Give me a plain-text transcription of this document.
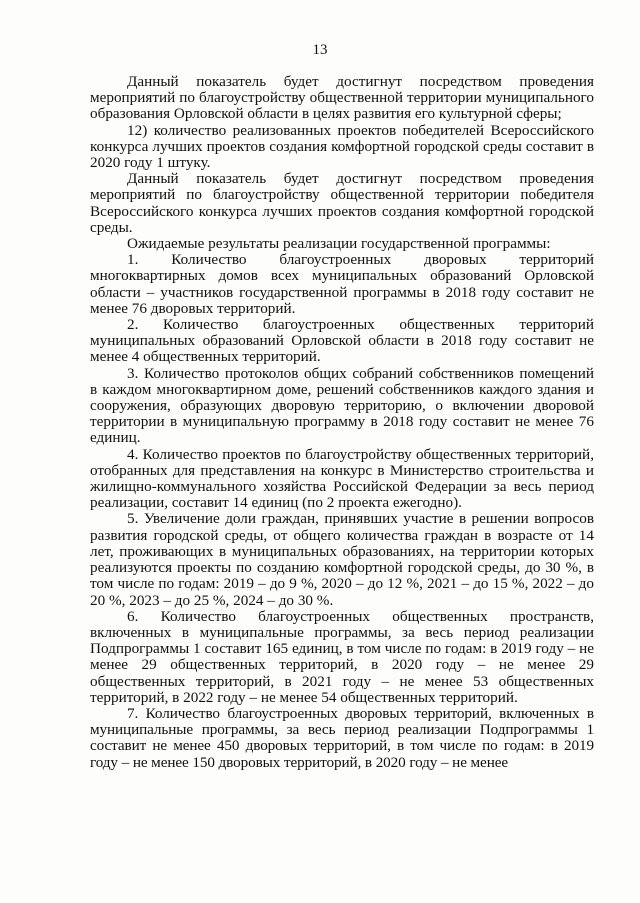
13

Данный показатель будет достигнут посредством проведения мероприятий по благоустройству общественной территории муниципального образования Орловской области в целях развития его культурной сферы;

12) количество реализованных проектов победителей Всероссийского конкурса лучших проектов создания комфортной городской среды составит в 2020 году 1 штуку.

Данный показатель будет достигнут посредством проведения мероприятий по благоустройству общественной территории победителя Всероссийского конкурса лучших проектов создания комфортной городской среды.

Ожидаемые результаты реализации государственной программы:

1. Количество благоустроенных дворовых территорий многоквартирных домов всех муниципальных образований Орловской области – участников государственной программы в 2018 году составит не менее 76 дворовых территорий.

2. Количество благоустроенных общественных территорий муниципальных образований Орловской области в 2018 году составит не менее 4 общественных территорий.

3. Количество протоколов общих собраний собственников помещений в каждом многоквартирном доме, решений собственников каждого здания и сооружения, образующих дворовую территорию, о включении дворовой территории в муниципальную программу в 2018 году составит не менее 76 единиц.

4. Количество проектов по благоустройству общественных территорий, отобранных для представления на конкурс в Министерство строительства и жилищно-коммунального хозяйства Российской Федерации за весь период реализации, составит 14 единиц (по 2 проекта ежегодно).

5. Увеличение доли граждан, принявших участие в решении вопросов развития городской среды, от общего количества граждан в возрасте от 14 лет, проживающих в муниципальных образованиях, на территории которых реализуются проекты по созданию комфортной городской среды, до 30 %, в том числе по годам: 2019 – до 9 %, 2020 – до 12 %, 2021 – до 15 %, 2022 – до 20 %, 2023 – до 25 %, 2024 – до 30 %.

6. Количество благоустроенных общественных пространств, включенных в муниципальные программы, за весь период реализации Подпрограммы 1 составит 165 единиц, в том числе по годам: в 2019 году – не менее 29 общественных территорий, в 2020 году – не менее 29 общественных территорий, в 2021 году – не менее 53 общественных территорий, в 2022 году – не менее 54 общественных территорий.

7. Количество благоустроенных дворовых территорий, включенных в муниципальные программы, за весь период реализации Подпрограммы 1 составит не менее 450 дворовых территорий, в том числе по годам: в 2019 году – не менее 150 дворовых территорий, в 2020 году – не менее
